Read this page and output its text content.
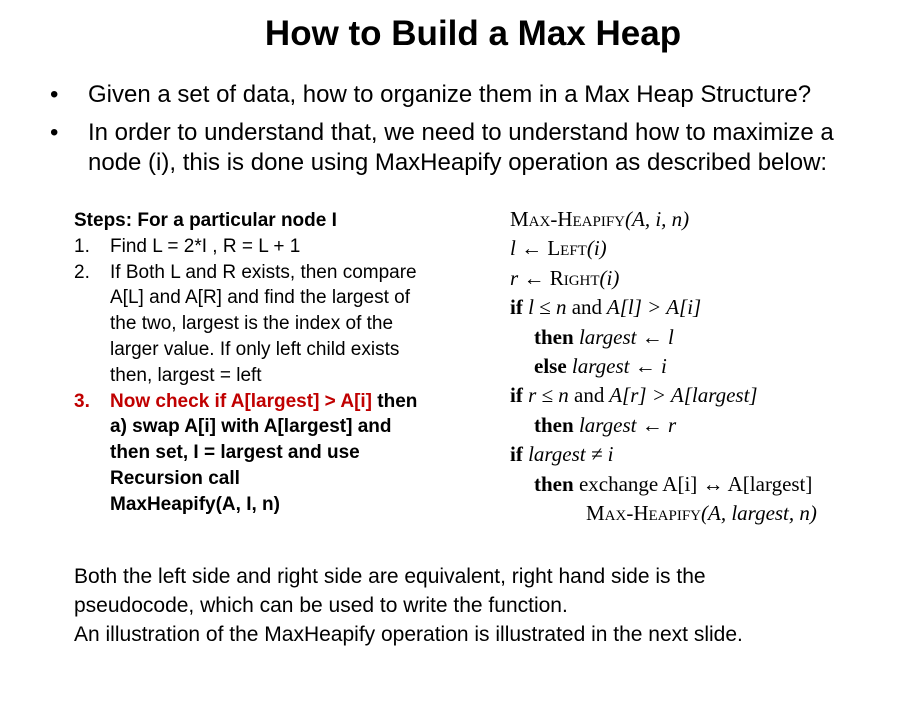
How to Build a Max Heap
• Given a set of data, how to organize them in a Max Heap Structure?
• In order to understand that, we need to understand how to maximize a
node (i), this is done using MaxHeapify operation as described below:
Steps: For a particular node I
1. Find L = 2*I , R = L + 1
2. If Both L and R exists, then compare
A[L] and A[R] and find the largest of
the two, largest is the index of the
larger value. If only left child exists
then, largest = left
3. Now check if A[largest] > A[i] then
a) swap A[i] with A[largest] and
then set, I = largest and use
Recursion call
MaxHeapify(A, I, n)
Max-Heapify(A, i, n)
l ← Left(i)
r ← Right(i)
if l ≤ n and A[l] > A[i]
then largest ← l
else largest ← i
if r ≤ n and A[r] > A[largest]
then largest ← r
if largest ≠ i
then exchange A[i] ↔ A[largest]
Max-Heapify(A, largest, n)
Both the left side and right side are equivalent, right hand side is the
pseudocode, which can be used to write the function.
An illustration of the MaxHeapify operation is illustrated in the next slide.
